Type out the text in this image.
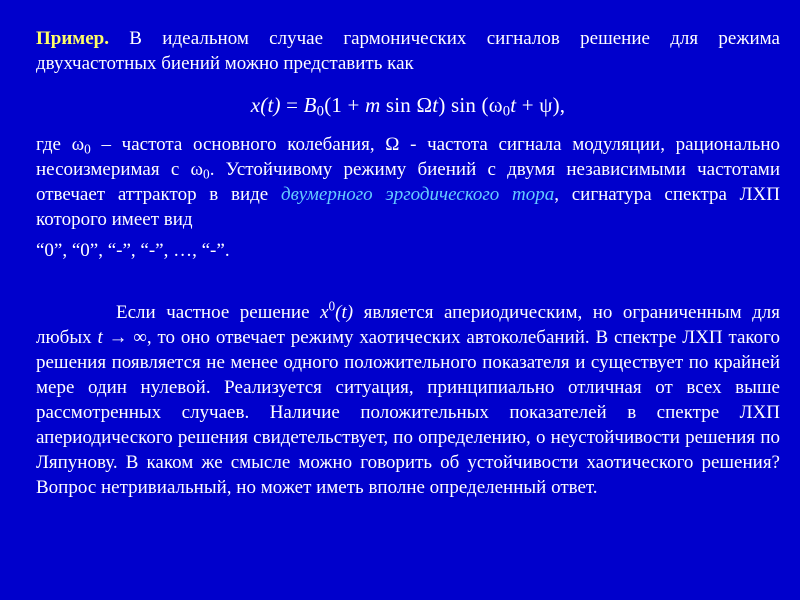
Пример. В идеальном случае гармонических сигналов решение для режима двухчастотных биений можно представить как

$x(t) = B_0(1 + m$ sin Ωt) $\sin (\omega_0t + \psi)$,

где $\omega_0$ – частота основного колебания, Ω - частота сигнала модуляции, рационально несоизмеримая с $\omega_0$. Устойчивому режиму биений с двумя независимыми частотами отвечает аттрактор в виде двумерного эргодического тора, сигнатура спектра ЛХП которого имеет вид

“0”, “0”, “-”, “-”, …, “-”.

Если частное решение $x^0(t)$ является апериодическим, но ограниченным для любых t → ∞, то оно отвечает режиму хаотических автоколебаний. В спектре ЛХП такого решения появляется не менее одного положительного показателя и существует по крайней мере один нулевой. Реализуется ситуация, принципиально отличная от всех выше рассмотренных случаев. Наличие положительных показателей в спектре ЛХП апериодического решения свидетельствует, по определению, о неустойчивости решения по Ляпунову. В каком же смысле можно говорить об устойчивости хаотического решения? Вопрос нетривиальный, но может иметь вполне определенный ответ.
